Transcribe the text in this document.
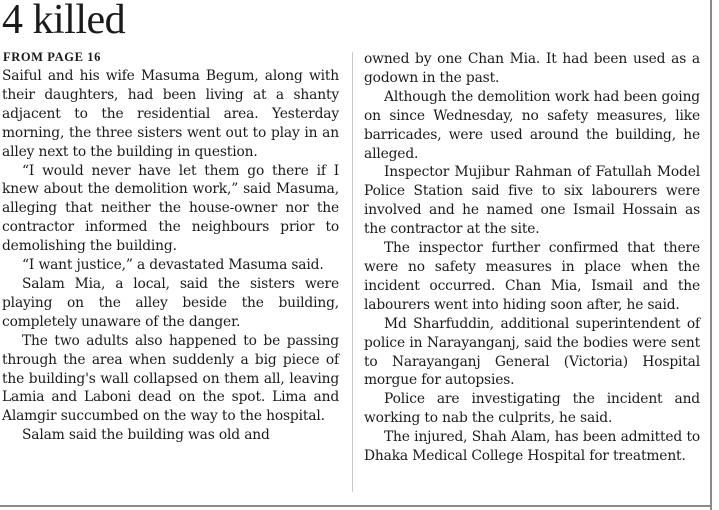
4 killed
FROM PAGE 16

Saiful and his wife Masuma Begum, along with their daughters, had been living at a shanty adjacent to the residential area. Yesterday morning, the three sisters went out to play in an alley next to the building in question.

“I would never have let them go there if I knew about the demolition work,” said Masuma, alleging that neither the house-owner nor the contractor informed the neighbours prior to demolishing the building.

“I want justice,” a devastated Masuma said.

Salam Mia, a local, said the sisters were playing on the alley beside the building, completely unaware of the danger.

The two adults also happened to be passing through the area when suddenly a big piece of the building's wall collapsed on them all, leaving Lamia and Laboni dead on the spot. Lima and Alamgir succumbed on the way to the hospital.

Salam said the building was old and

owned by one Chan Mia. It had been used as a godown in the past.

Although the demolition work had been going on since Wednesday, no safety measures, like barricades, were used around the building, he alleged.

Inspector Mujibur Rahman of Fatullah Model Police Station said five to six labourers were involved and he named one Ismail Hossain as the contractor at the site.

The inspector further confirmed that there were no safety measures in place when the incident occurred. Chan Mia, Ismail and the labourers went into hiding soon after, he said.

Md Sharfuddin, additional superintendent of police in Narayanganj, said the bodies were sent to Narayanganj General (Victoria) Hospital morgue for autopsies.

Police are investigating the incident and working to nab the culprits, he said.

The injured, Shah Alam, has been admitted to Dhaka Medical College Hospital for treatment.
